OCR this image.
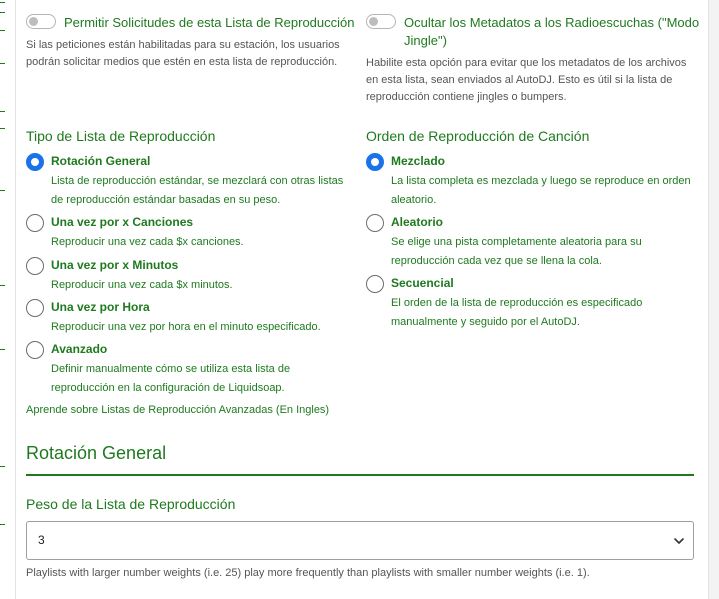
Permitir Solicitudes de esta Lista de Reproducción
Si las peticiones están habilitadas para su estación, los usuarios
podrán solicitar medios que estén en esta lista de reproducción.
Ocultar los Metadatos a los Radioescuchas ("Modo
Jingle")
Habilite esta opción para evitar que los metadatos de los archivos
en esta lista, sean enviados al AutoDJ. Esto es útil si la lista de
reproducción contiene jingles o bumpers.
Tipo de Lista de Reproducción
Rotación General
Lista de reproducción estándar, se mezclará con otras listas
de reproducción estándar basadas en su peso.
Una vez por x Canciones
Reproducir una vez cada $x canciones.
Una vez por x Minutos
Reproducir una vez cada $x minutos.
Una vez por Hora
Reproducir una vez por hora en el minuto especificado.
Avanzado
Definir manualmente cómo se utiliza esta lista de
reproducción en la configuración de Liquidsoap.
Aprende sobre Listas de Reproducción Avanzadas (En Ingles)
Orden de Reproducción de Canción
Mezclado
La lista completa es mezclada y luego se reproduce en orden
aleatorio.
Aleatorio
Se elige una pista completamente aleatoria para su
reproducción cada vez que se llena la cola.
Secuencial
El orden de la lista de reproducción es especificado
manualmente y seguido por el AutoDJ.
Rotación General
Peso de la Lista de Reproducción
3
Playlists with larger number weights (i.e. 25) play more frequently than playlists with smaller number weights (i.e. 1).
